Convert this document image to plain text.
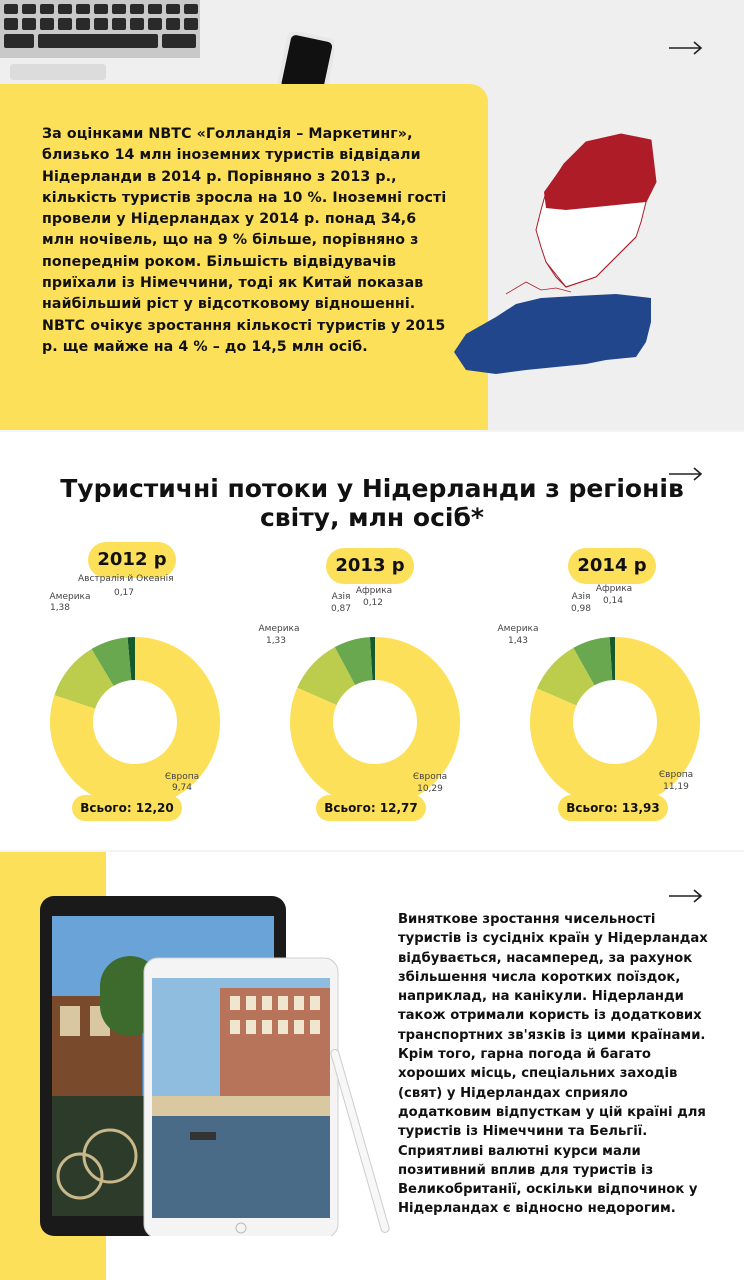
За оцінками NBTC «Голландія – Маркетинг», близько 14 млн іноземних туристів відвідали Нідерланди в 2014 р. Порівняно з 2013 р., кількість туристів зросла на 10 %. Іноземні гості провели у Нідерландах у 2014 р. понад 34,6 млн ночівель, що на 9 % більше, порівняно з попереднім роком. Більшість відвідувачів приїхали із Німеччини, тоді як Китай показав найбільший ріст у відсотковому відношенні. NBTC очікує зростання кількості туристів у 2015 р. ще майже на 4 % – до 14,5 млн осіб.

Туристичні потоки у Нідерланди з регіонів світу, млн осіб*
2012 р
Америка
1,38
Австралія й Океанія
0,17
Європа
9,74
Всього: 12,20
2013 р
Америка
1,33
Азія
0,87
Африка
0,12
Європа
10,29
Всього: 12,77
2014 р
Америка
1,43
Азія
0,98
Африка
0,14
Європа
11,19
Всього: 13,93

Виняткове зростання чисельності туристів із сусідніх країн у Нідерландах відбувається, насамперед, за рахунок збільшення числа коротких поїздок, наприклад, на канікули. Нідерланди також отримали користь із додаткових транспортних зв'язків із цими країнами. Крім того, гарна погода й багато хороших місць, спеціальних заходів (свят) у Нідерландах сприяло додатковим відпусткам у цій країні для туристів із Німеччини та Бельгії. Сприятливі валютні курси мали позитивний вплив для туристів із Великобританії, оскільки відпочинок у Нідерландах є відносно недорогим.
